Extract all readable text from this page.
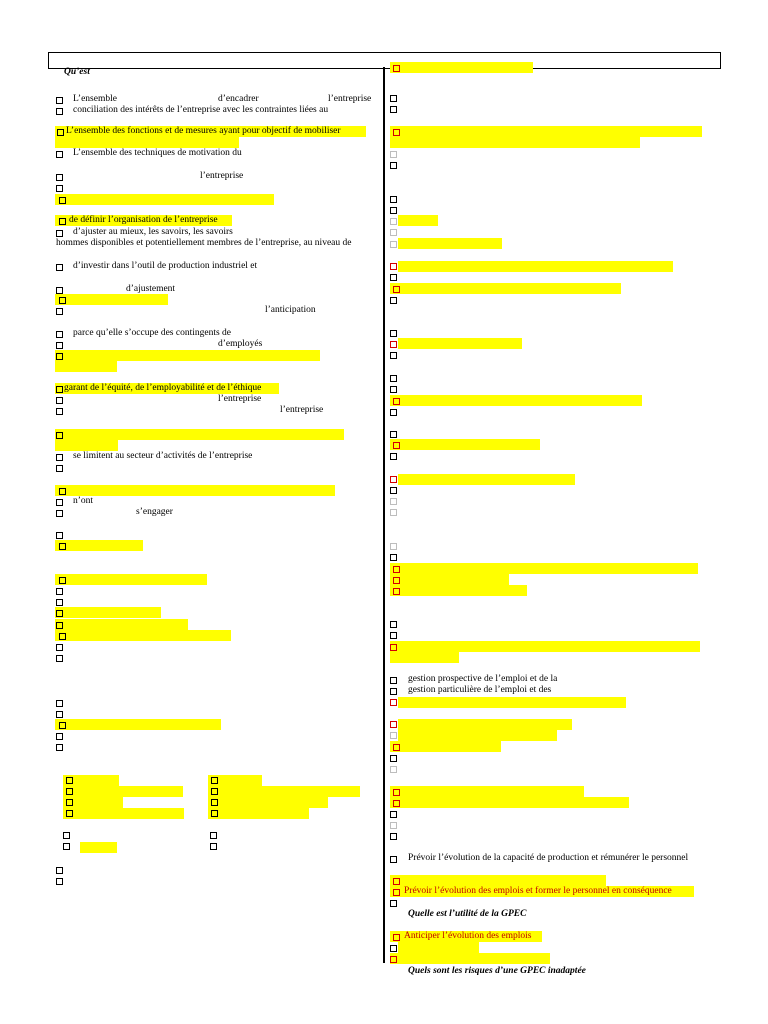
Qu’est
L’ensemble	d’encadrer	l’entreprise
conciliation des intérêts de l’entreprise avec les contraintes liées au
L’ensemble des fonctions et de mesures ayant pour objectif de mobiliser
L’ensemble des techniques de motivation du
l’entreprise
de définir l’organisation de l’entreprise
d’ajuster au mieux, les savoirs, les savoirs
hommes disponibles et potentiellement membres de l’entreprise, au niveau de
d’investir dans l’outil de production industriel et
d’ajustement
l’anticipation
parce qu’elle s’occupe des contingents de
d’employés
garant de l’équité, de l’employabilité et de l’éthique
l’entreprise
l’entreprise
se limitent au secteur d’activités de l’entreprise
n’ont
s’engager
gestion prospective de l’emploi et de la
gestion particulière de l’emploi et des
Prévoir l’évolution de la capacité de production et rémunérer le personnel
Prévoir l’évolution des emplois et former le personnel en conséquence
Quelle est l’utilité de la GPEC
Anticiper l’évolution des emplois
Quels sont les risques d’une GPEC inadaptée
